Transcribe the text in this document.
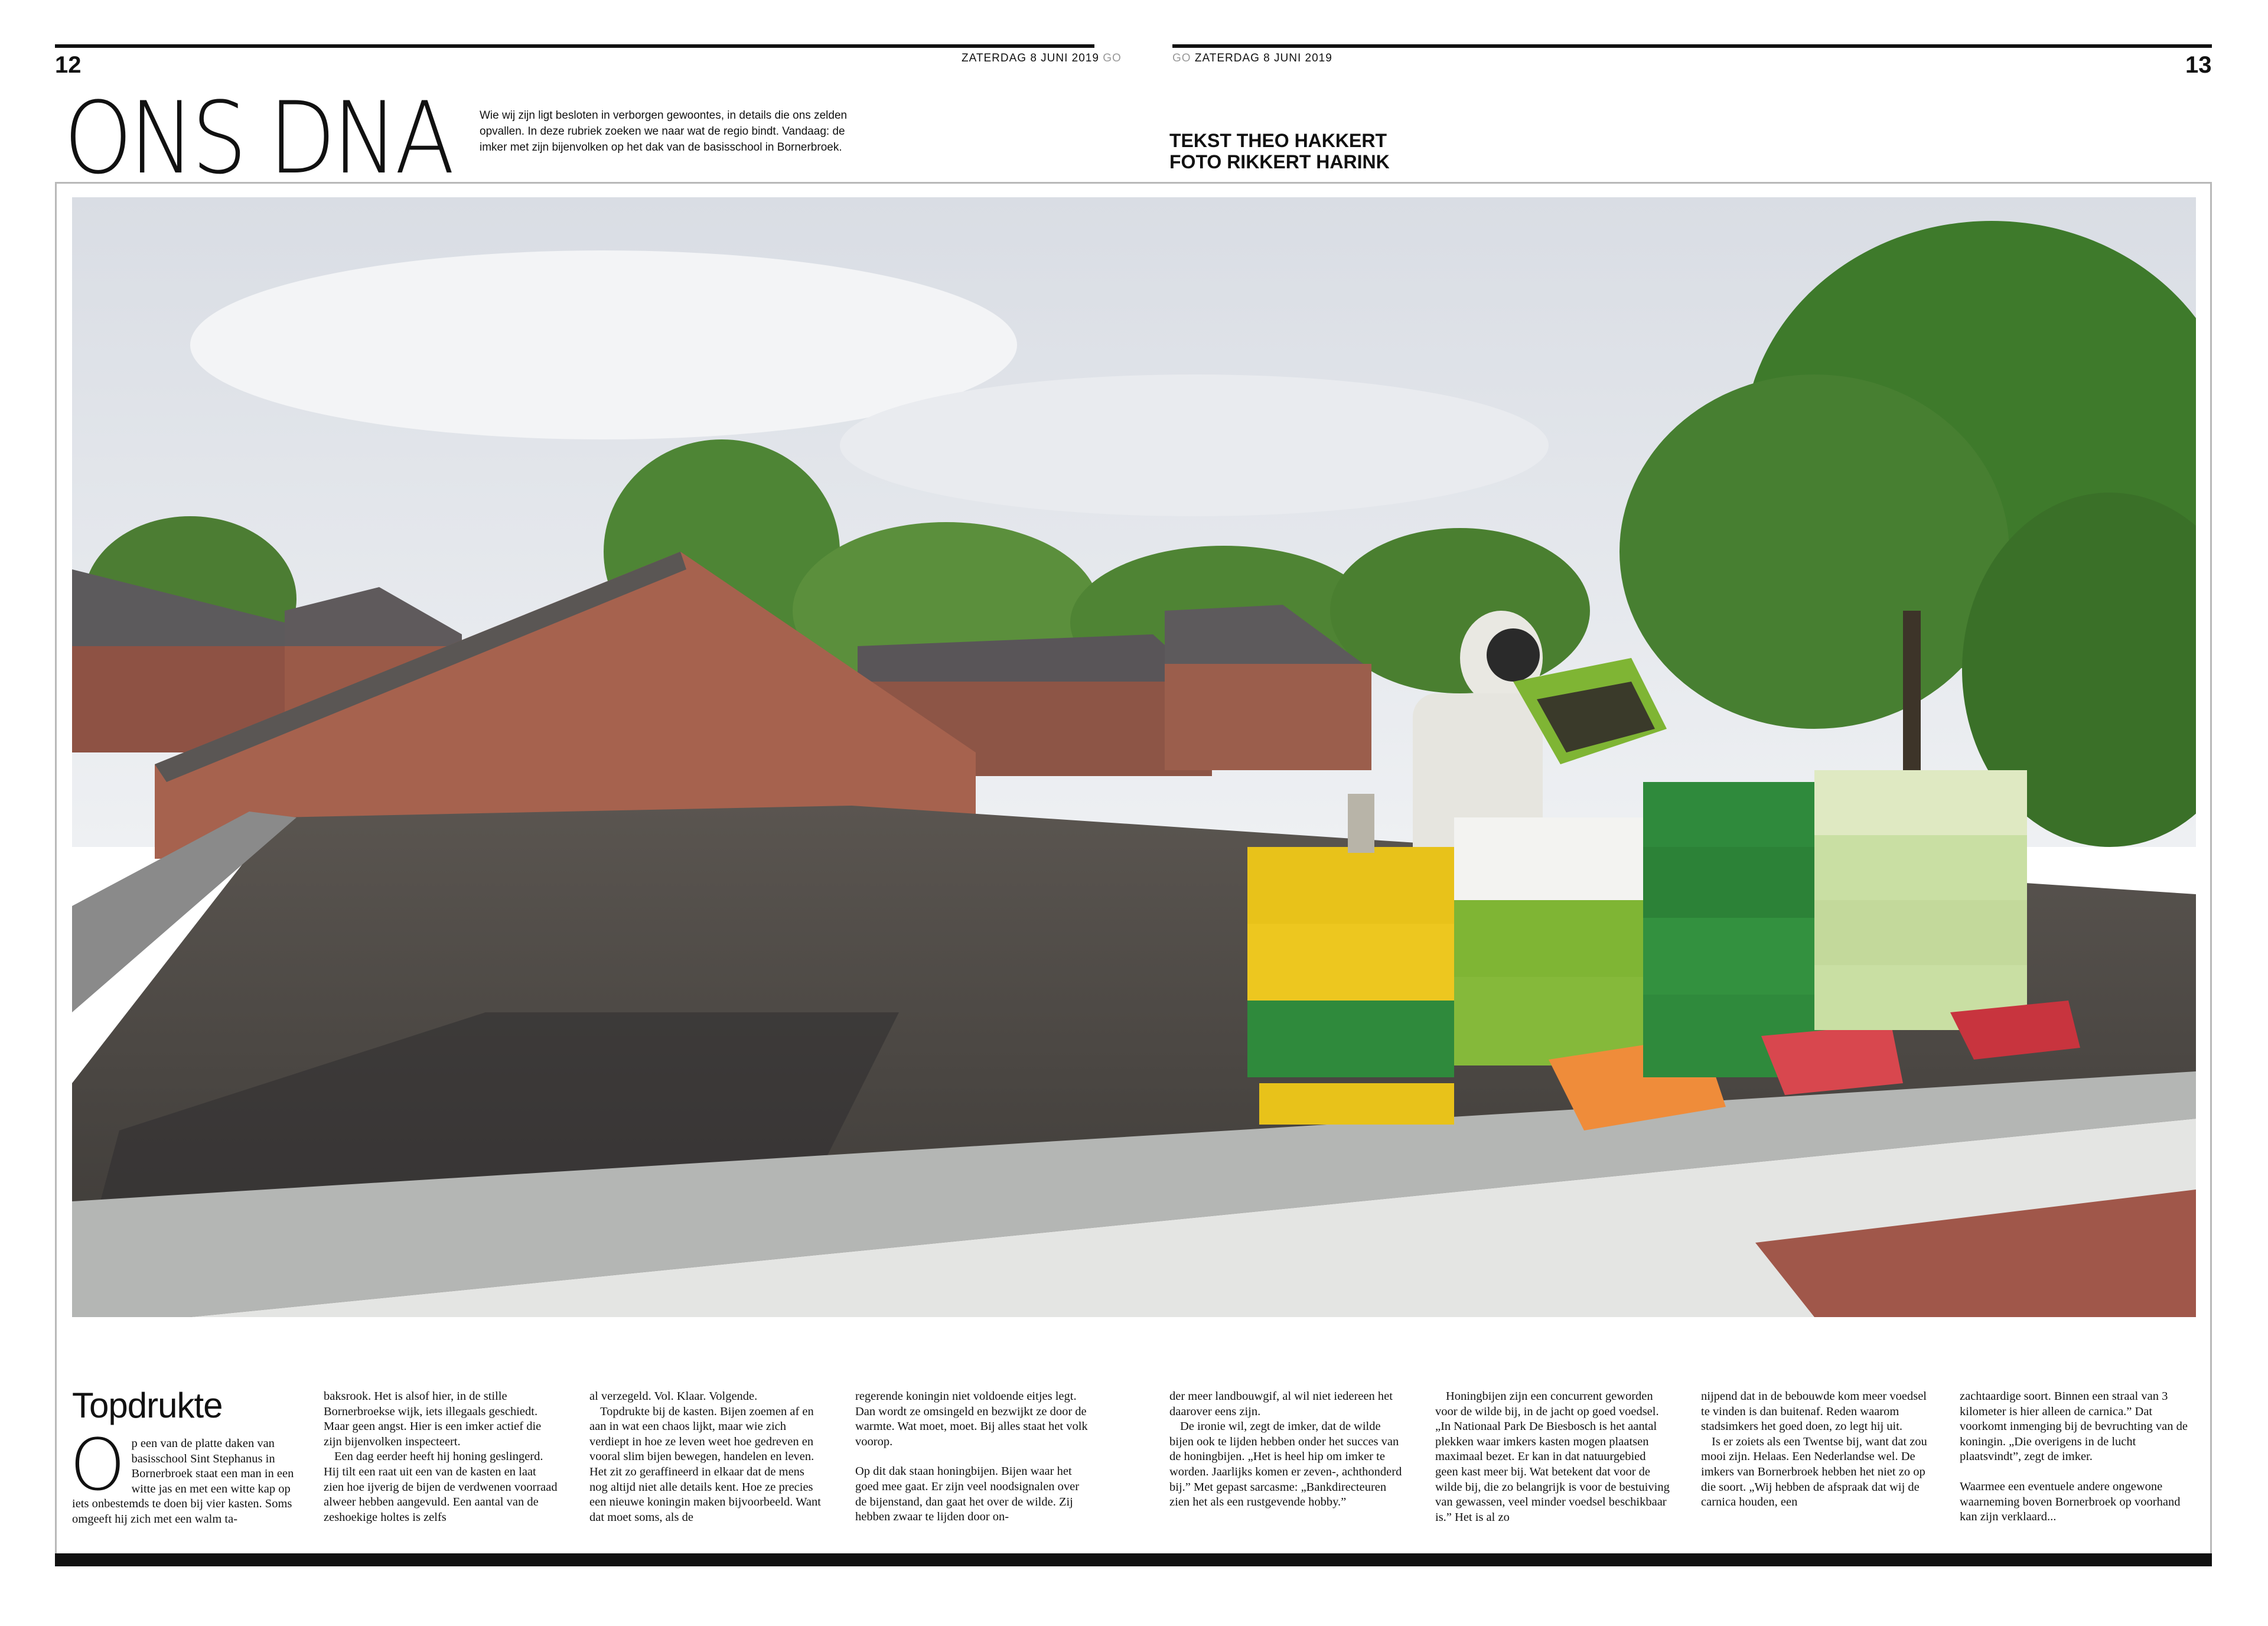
12	ZATERDAG 8 JUNI 2019 GO	GO ZATERDAG 8 JUNI 2019	13
ONS DNA	Wie wij zijn ligt besloten in verborgen gewoontes, in details die ons zelden opvallen. In deze rubriek zoeken we naar wat de regio bindt. Vandaag: de imker met zijn bijenvolken op het dak van de basisschool in Bornerbroek.	TEKST THEO HAKKERT
FOTO RIKKERT HARINK
Topdrukte
O p een van de platte daken van basisschool Sint Stephanus in Bornerbroek staat een man in een witte jas en met een witte kap op iets onbestemds te doen bij vier kasten. Soms omgeeft hij zich met een walm ta-

baksrook. Het is alsof hier, in de stille Bornerbroekse wijk, iets illegaals geschiedt. Maar geen angst. Hier is een imker actief die zijn bijenvolken inspecteert.

Een dag eerder heeft hij honing geslingerd. Hij tilt een raat uit een van de kasten en laat zien hoe ijverig de bijen de verdwenen voorraad alweer hebben aangevuld. Een aantal van de zeshoekige holtes is zelfs

al verzegeld. Vol. Klaar. Volgende.

Topdrukte bij de kasten. Bijen zoemen af en aan in wat een chaos lijkt, maar wie zich verdiept in hoe ze leven weet hoe gedreven en vooral slim bijen bewegen, handelen en leven. Het zit zo geraffineerd in elkaar dat de mens nog altijd niet alle details kent. Hoe ze precies een nieuwe koningin maken bijvoorbeeld. Want dat moet soms, als de

regerende koningin niet voldoende eitjes legt. Dan wordt ze omsingeld en bezwijkt ze door de warmte. Wat moet, moet. Bij alles staat het volk voorop.

Op dit dak staan honingbijen. Bijen waar het goed mee gaat. Er zijn veel noodsignalen over de bijenstand, dan gaat het over de wilde. Zij hebben zwaar te lijden door on-

der meer landbouwgif, al wil niet iedereen het daarover eens zijn.

De ironie wil, zegt de imker, dat de wilde bijen ook te lijden hebben onder het succes van de honingbijen. „Het is heel hip om imker te worden. Jaarlijks komen er zeven-, achthonderd bij.” Met gepast sarcasme: „Bankdirecteuren zien het als een rustgevende hobby.”

Honingbijen zijn een concurrent geworden voor de wilde bij, in de jacht op goed voedsel. „In Nationaal Park De Biesbosch is het aantal plekken waar imkers kasten mogen plaatsen maximaal bezet. Er kan in dat natuurgebied geen kast meer bij. Wat betekent dat voor de wilde bij, die zo belangrijk is voor de bestuiving van gewassen, veel minder voedsel beschikbaar is.” Het is al zo

nijpend dat in de bebouwde kom meer voedsel te vinden is dan buitenaf. Reden waarom stadsimkers het goed doen, zo legt hij uit.

Is er zoiets als een Twentse bij, want dat zou mooi zijn. Helaas. Een Nederlandse wel. De imkers van Bornerbroek hebben het niet zo op die soort. „Wij hebben de afspraak dat wij de carnica houden, een

zachtaardige soort. Binnen een straal van 3 kilometer is hier alleen de carnica.” Dat voorkomt inmenging bij de bevruchting van de koningin. „Die overigens in de lucht plaatsvindt”, zegt de imker.

Waarmee een eventuele andere ongewone waarneming boven Bornerbroek op voorhand kan zijn verklaard...
